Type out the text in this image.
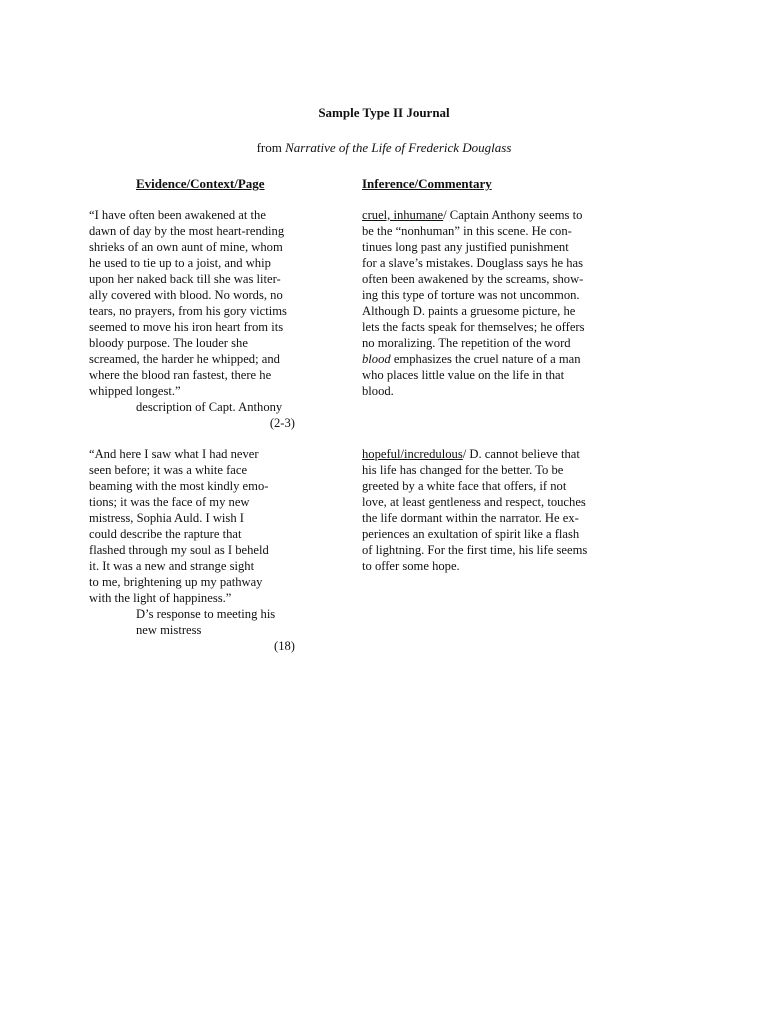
Sample Type II Journal

from Narrative of the Life of Frederick Douglass

Evidence/Context/Page	Inference/Commentary

“I have often been awakened at the
dawn of day by the most heart-rending
shrieks of an own aunt of mine, whom
he used to tie up to a joist, and whip
upon her naked back till she was liter-
ally covered with blood. No words, no
tears, no prayers, from his gory victims
seemed to move his iron heart from its
bloody purpose. The louder she
screamed, the harder he whipped; and
where the blood ran fastest, there he
whipped longest.”
description of Capt. Anthony
(2-3)
cruel, inhumane/ Captain Anthony seems to
be the “nonhuman” in this scene. He con-
tinues long past any justified punishment
for a slave’s mistakes. Douglass says he has
often been awakened by the screams, show-
ing this type of torture was not uncommon.
Although D. paints a gruesome picture, he
lets the facts speak for themselves; he offers
no moralizing. The repetition of the word
blood emphasizes the cruel nature of a man
who places little value on the life in that
blood.
“And here I saw what I had never
seen before; it was a white face
beaming with the most kindly emo-
tions; it was the face of my new
mistress, Sophia Auld. I wish I
could describe the rapture that
flashed through my soul as I beheld
it. It was a new and strange sight
to me, brightening up my pathway
with the light of happiness.”
D’s response to meeting his
new mistress
(18)
hopeful/incredulous/ D. cannot believe that
his life has changed for the better. To be
greeted by a white face that offers, if not
love, at least gentleness and respect, touches
the life dormant within the narrator. He ex-
periences an exultation of spirit like a flash
of lightning. For the first time, his life seems
to offer some hope.
